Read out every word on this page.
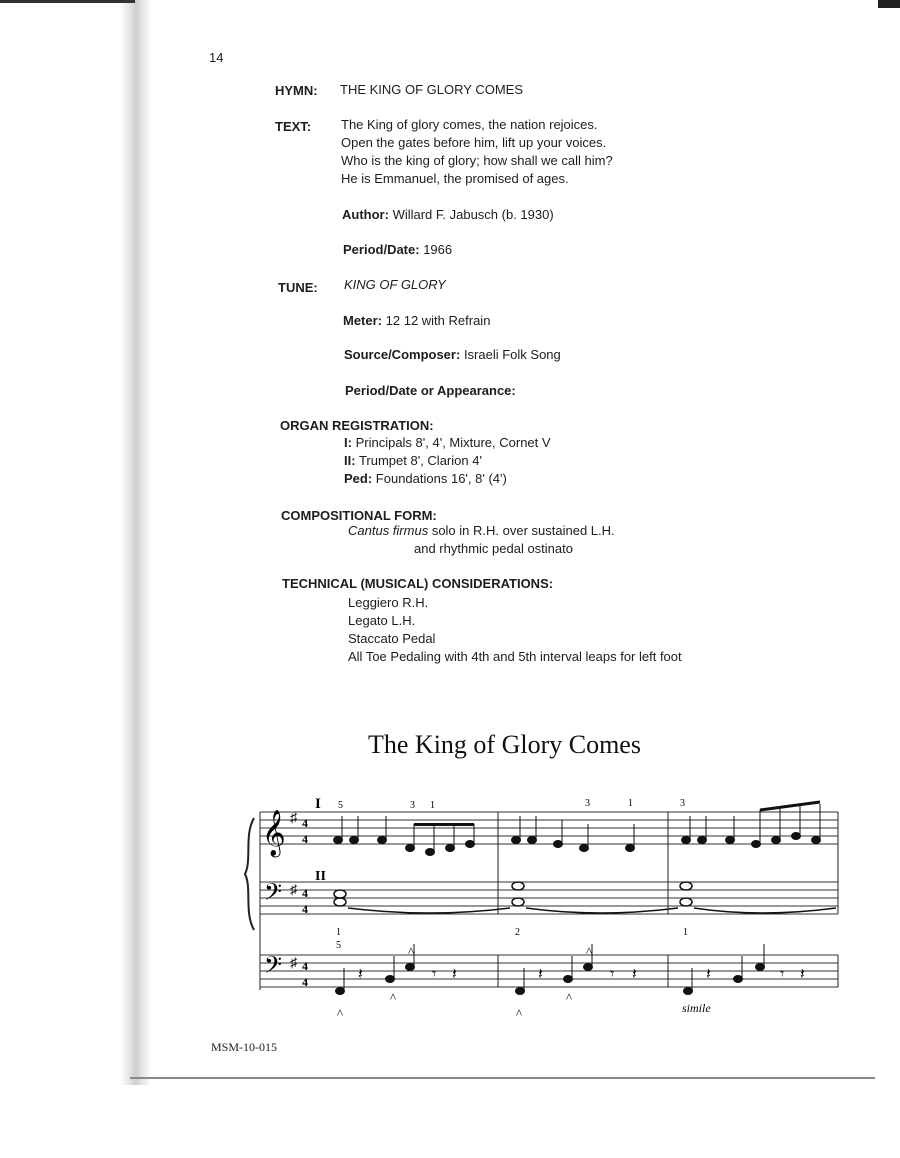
14
HYMN: THE KING OF GLORY COMES
TEXT: The King of glory comes, the nation rejoices.
Open the gates before him, lift up your voices.
Who is the king of glory; how shall we call him?
He is Emmanuel, the promised of ages.
Author: Willard F. Jabusch (b. 1930)
Period/Date: 1966
TUNE: KING OF GLORY
Meter: 12 12 with Refrain
Source/Composer: Israeli Folk Song
Period/Date or Appearance:
ORGAN REGISTRATION:
I: Principals 8', 4', Mixture, Cornet V
II: Trumpet 8', Clarion 4'
Ped: Foundations 16', 8' (4')
COMPOSITIONAL FORM:
Cantus firmus solo in R.H. over sustained L.H.
and rhythmic pedal ostinato
TECHNICAL (MUSICAL) CONSIDERATIONS:
Leggiero R.H.
Legato L.H.
Staccato Pedal
All Toe Pedaling with 4th and 5th interval leaps for left foot
The King of Glory Comes
𝄞
𝄢
𝄢
♯
♯
♯
4
4
4
4
4
4
I
II
5	3 1	3	1	3
1
5
2	1
𝄽	𝄾 𝄽	𝄽	𝄾 𝄽	𝄽	𝄾 𝄽
^
^
^
^
^
^
simile
MSM-10-015
